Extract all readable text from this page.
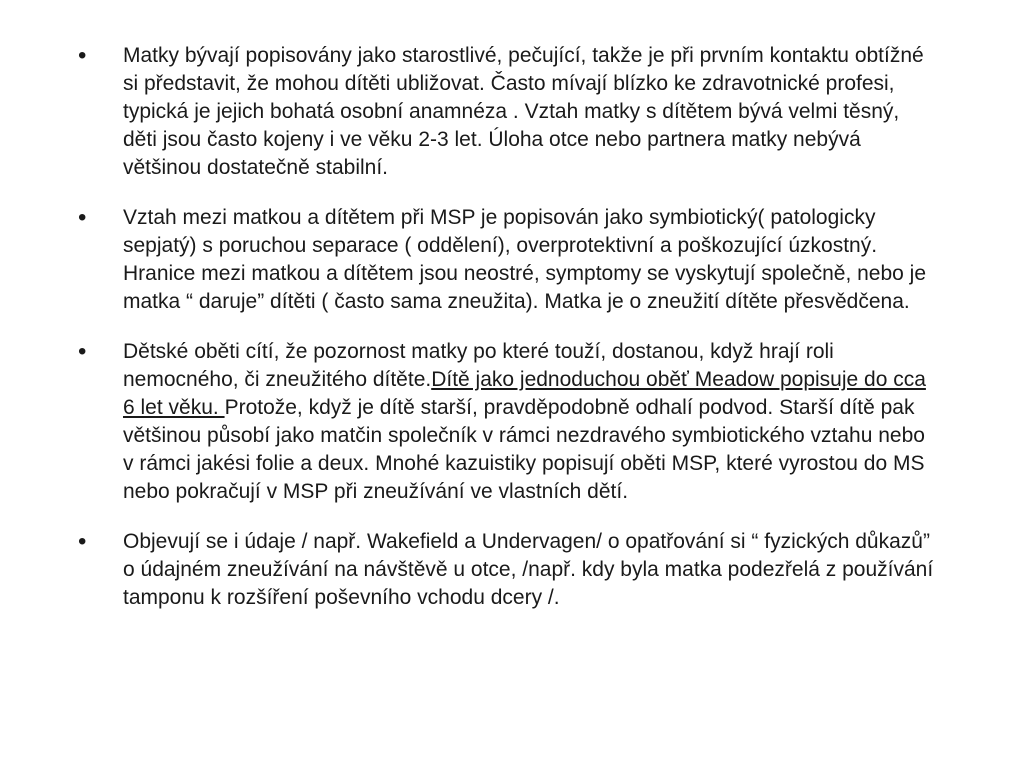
• Matky bývají popisovány jako starostlivé, pečující, takže je při prvním kontaktu obtížné si představit, že mohou dítěti ubližovat. Často mívají blízko ke zdravotnické profesi, typická je jejich bohatá osobní anamnéza . Vztah matky s dítětem bývá velmi těsný, děti jsou často kojeny i ve věku 2-3 let. Úloha otce nebo partnera matky nebývá většinou dostatečně stabilní.
• Vztah mezi matkou a dítětem při MSP je popisován jako symbiotický( patologicky sepjatý) s poruchou separace ( oddělení), overprotektivní a poškozující úzkostný. Hranice mezi matkou a dítětem jsou neostré, symptomy se vyskytují společně, nebo je matka “ daruje” dítěti ( často sama zneužita). Matka je o zneužití dítěte přesvědčena.
• Dětské oběti cítí, že pozornost matky po které touží, dostanou, když hrají roli nemocného, či zneužitého dítěte.Dítě jako jednoduchou oběť Meadow popisuje do cca 6 let věku. Protože, když je dítě starší, pravděpodobně odhalí podvod. Starší dítě pak většinou působí jako matčin společník v rámci nezdravého symbiotického vztahu nebo v rámci jakési folie a deux. Mnohé kazuistiky popisují oběti MSP, které vyrostou do MS nebo pokračují v MSP při zneužívání ve vlastních dětí.
• Objevují se i údaje / např. Wakefield a Undervagen/ o opatřování si “ fyzických důkazů” o údajném zneužívání na návštěvě u otce, /např. kdy byla matka podezřelá z používání tamponu k rozšíření poševního vchodu dcery /.
